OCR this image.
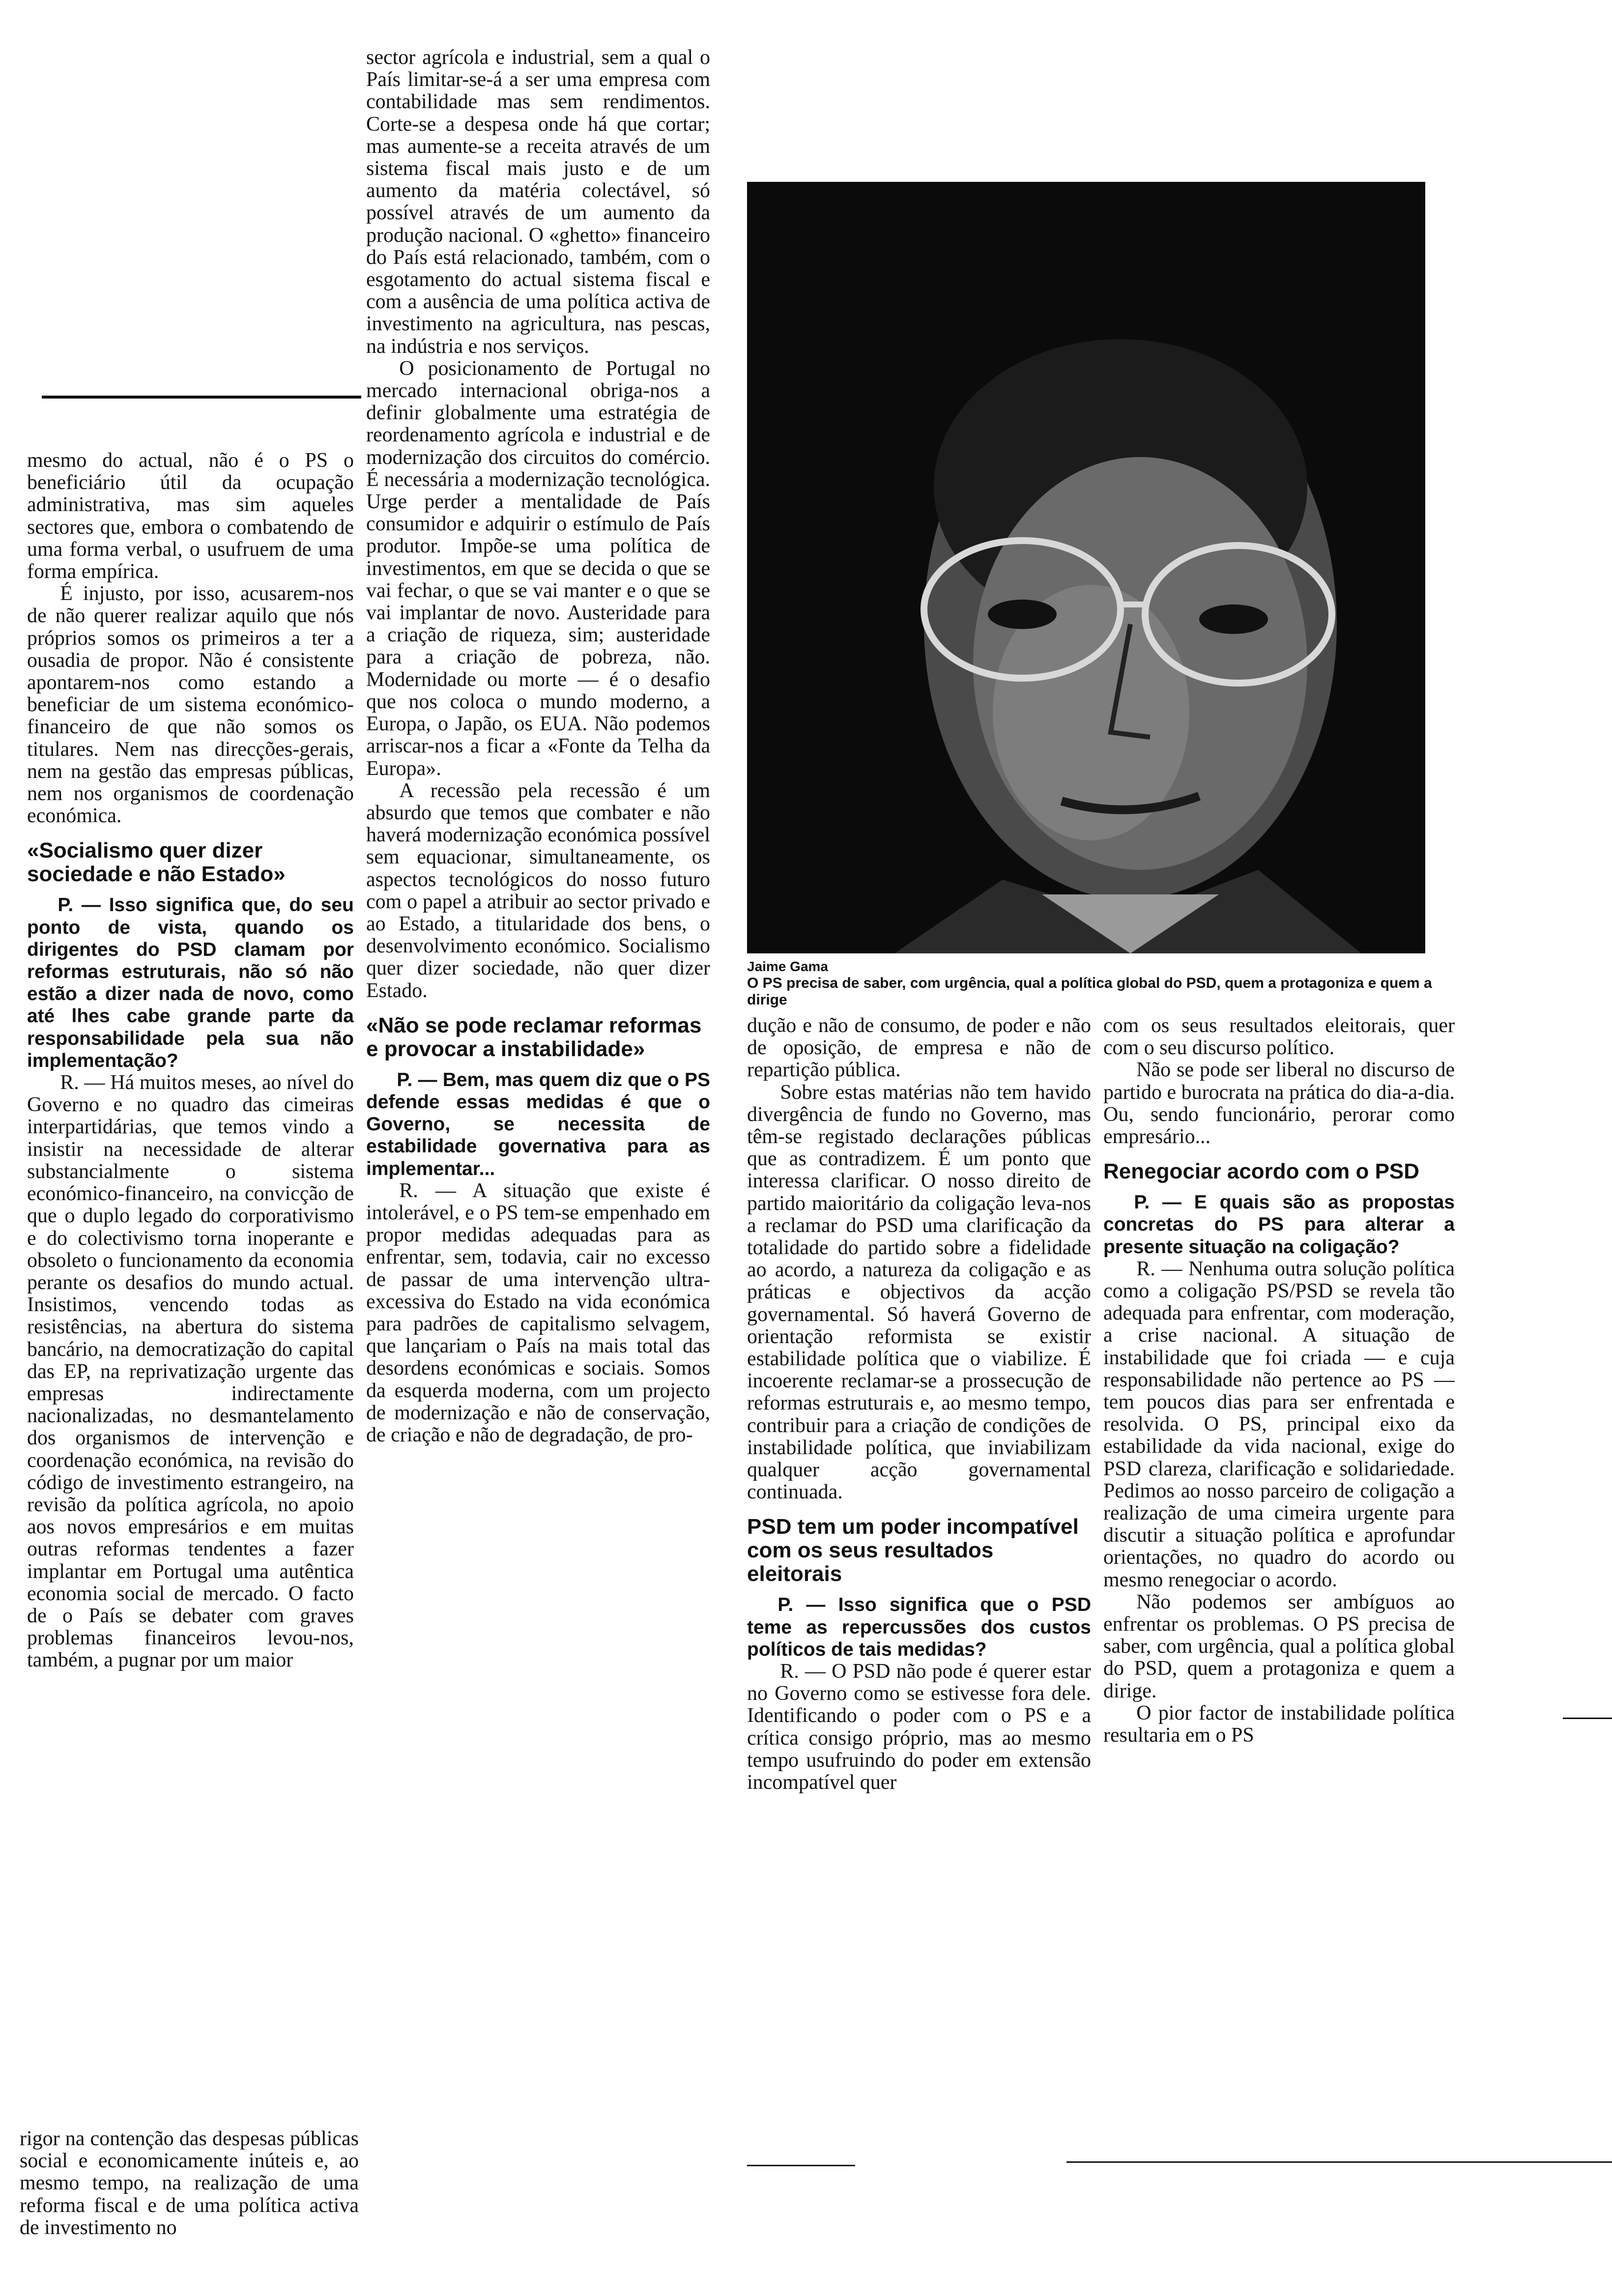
mesmo do actual, não é o PS o beneficiário útil da ocupação administrativa, mas sim aqueles sectores que, embora o combatendo de uma forma verbal, o usufruem de uma forma empírica.

É injusto, por isso, acusarem-nos de não querer realizar aquilo que nós próprios somos os primeiros a ter a ousadia de propor. Não é consistente apontarem-nos como estando a beneficiar de um sistema económico-financeiro de que não somos os titulares. Nem nas direcções-gerais, nem na gestão das empresas públicas, nem nos organismos de coordenação económica.

«Socialismo quer dizer sociedade e não Estado»

P. — Isso significa que, do seu ponto de vista, quando os dirigentes do PSD clamam por reformas estruturais, não só não estão a dizer nada de novo, como até lhes cabe grande parte da responsabilidade pela sua não implementação?

R. — Há muitos meses, ao nível do Governo e no quadro das cimeiras interpartidárias, que temos vindo a insistir na necessidade de alterar substancialmente o sistema económico-financeiro, na convicção de que o duplo legado do corporativismo e do colectivismo torna inoperante e obsoleto o funcionamento da economia perante os desafios do mundo actual. Insistimos, vencendo todas as resistências, na abertura do sistema bancário, na democratização do capital das EP, na reprivatização urgente das empresas indirectamente nacionalizadas, no desmantelamento dos organismos de intervenção e coordenação económica, na revisão do código de investimento estrangeiro, na revisão da política agrícola, no apoio aos novos empresários e em muitas outras reformas tendentes a fazer implantar em Portugal uma autêntica economia social de mercado. O facto de o País se debater com graves problemas financeiros levou-nos, também, a pugnar por um maior

rigor na contenção das despesas públicas social e economicamente inúteis e, ao mesmo tempo, na realização de uma reforma fiscal e de uma política activa de investimento no

sector agrícola e industrial, sem a qual o País limitar-se-á a ser uma empresa com contabilidade mas sem rendimentos. Corte-se a despesa onde há que cortar; mas aumente-se a receita através de um sistema fiscal mais justo e de um aumento da matéria colectável, só possível através de um aumento da produção nacional. O «ghetto» financeiro do País está relacionado, também, com o esgotamento do actual sistema fiscal e com a ausência de uma política activa de investimento na agricultura, nas pescas, na indústria e nos serviços.

O posicionamento de Portugal no mercado internacional obriga-nos a definir globalmente uma estratégia de reordenamento agrícola e industrial e de modernização dos circuitos do comércio. É necessária a modernização tecnológica. Urge perder a mentalidade de País consumidor e adquirir o estímulo de País produtor. Impõe-se uma política de investimentos, em que se decida o que se vai fechar, o que se vai manter e o que se vai implantar de novo. Austeridade para a criação de riqueza, sim; austeridade para a criação de pobreza, não. Modernidade ou morte — é o desafio que nos coloca o mundo moderno, a Europa, o Japão, os EUA. Não podemos arriscar-nos a ficar a «Fonte da Telha da Europa».

A recessão pela recessão é um absurdo que temos que combater e não haverá modernização económica possível sem equacionar, simultaneamente, os aspectos tecnológicos do nosso futuro com o papel a atribuir ao sector privado e ao Estado, a titularidade dos bens, o desenvolvimento económico. Socialismo quer dizer sociedade, não quer dizer Estado.

«Não se pode reclamar reformas e provocar a instabilidade»

P. — Bem, mas quem diz que o PS defende essas medidas é que o Governo, se necessita de estabilidade governativa para as implementar...

R. — A situação que existe é intolerável, e o PS tem-se empenhado em propor medidas adequadas para as enfrentar, sem, todavia, cair no excesso de passar de uma intervenção ultra-excessiva do Estado na vida económica para padrões de capitalismo selvagem, que lançariam o País na mais total das desordens económicas e sociais. Somos da esquerda moderna, com um projecto de modernização e não de conservação, de criação e não de degradação, de pro-

Jaime Gama
O PS precisa de saber, com urgência, qual a política global do PSD, quem a protagoniza e quem a dirige

dução e não de consumo, de poder e não de oposição, de empresa e não de repartição pública.

Sobre estas matérias não tem havido divergência de fundo no Governo, mas têm-se registado declarações públicas que as contradizem. É um ponto que interessa clarificar. O nosso direito de partido maioritário da coligação leva-nos a reclamar do PSD uma clarificação da totalidade do partido sobre a fidelidade ao acordo, a natureza da coligação e as práticas e objectivos da acção governamental. Só haverá Governo de orientação reformista se existir estabilidade política que o viabilize. É incoerente reclamar-se a prossecução de reformas estruturais e, ao mesmo tempo, contribuir para a criação de condições de instabilidade política, que inviabilizam qualquer acção governamental continuada.

PSD tem um poder incompatível com os seus resultados eleitorais

P. — Isso significa que o PSD teme as repercussões dos custos políticos de tais medidas?

R. — O PSD não pode é querer estar no Governo como se estivesse fora dele. Identificando o poder com o PS e a crítica consigo próprio, mas ao mesmo tempo usufruindo do poder em extensão incompatível quer

com os seus resultados eleitorais, quer com o seu discurso político.

Não se pode ser liberal no discurso de partido e burocrata na prática do dia-a-dia. Ou, sendo funcionário, perorar como empresário...

Renegociar acordo com o PSD

P. — E quais são as propostas concretas do PS para alterar a presente situação na coligação?

R. — Nenhuma outra solução política como a coligação PS/PSD se revela tão adequada para enfrentar, com moderação, a crise nacional. A situação de instabilidade que foi criada — e cuja responsabilidade não pertence ao PS — tem poucos dias para ser enfrentada e resolvida. O PS, principal eixo da estabilidade da vida nacional, exige do PSD clareza, clarificação e solidariedade. Pedimos ao nosso parceiro de coligação a realização de uma cimeira urgente para discutir a situação política e aprofundar orientações, no quadro do acordo ou mesmo renegociar o acordo.

Não podemos ser ambíguos ao enfrentar os problemas. O PS precisa de saber, com urgência, qual a política global do PSD, quem a protagoniza e quem a dirige.

O pior factor de instabilidade política resultaria em o PS
